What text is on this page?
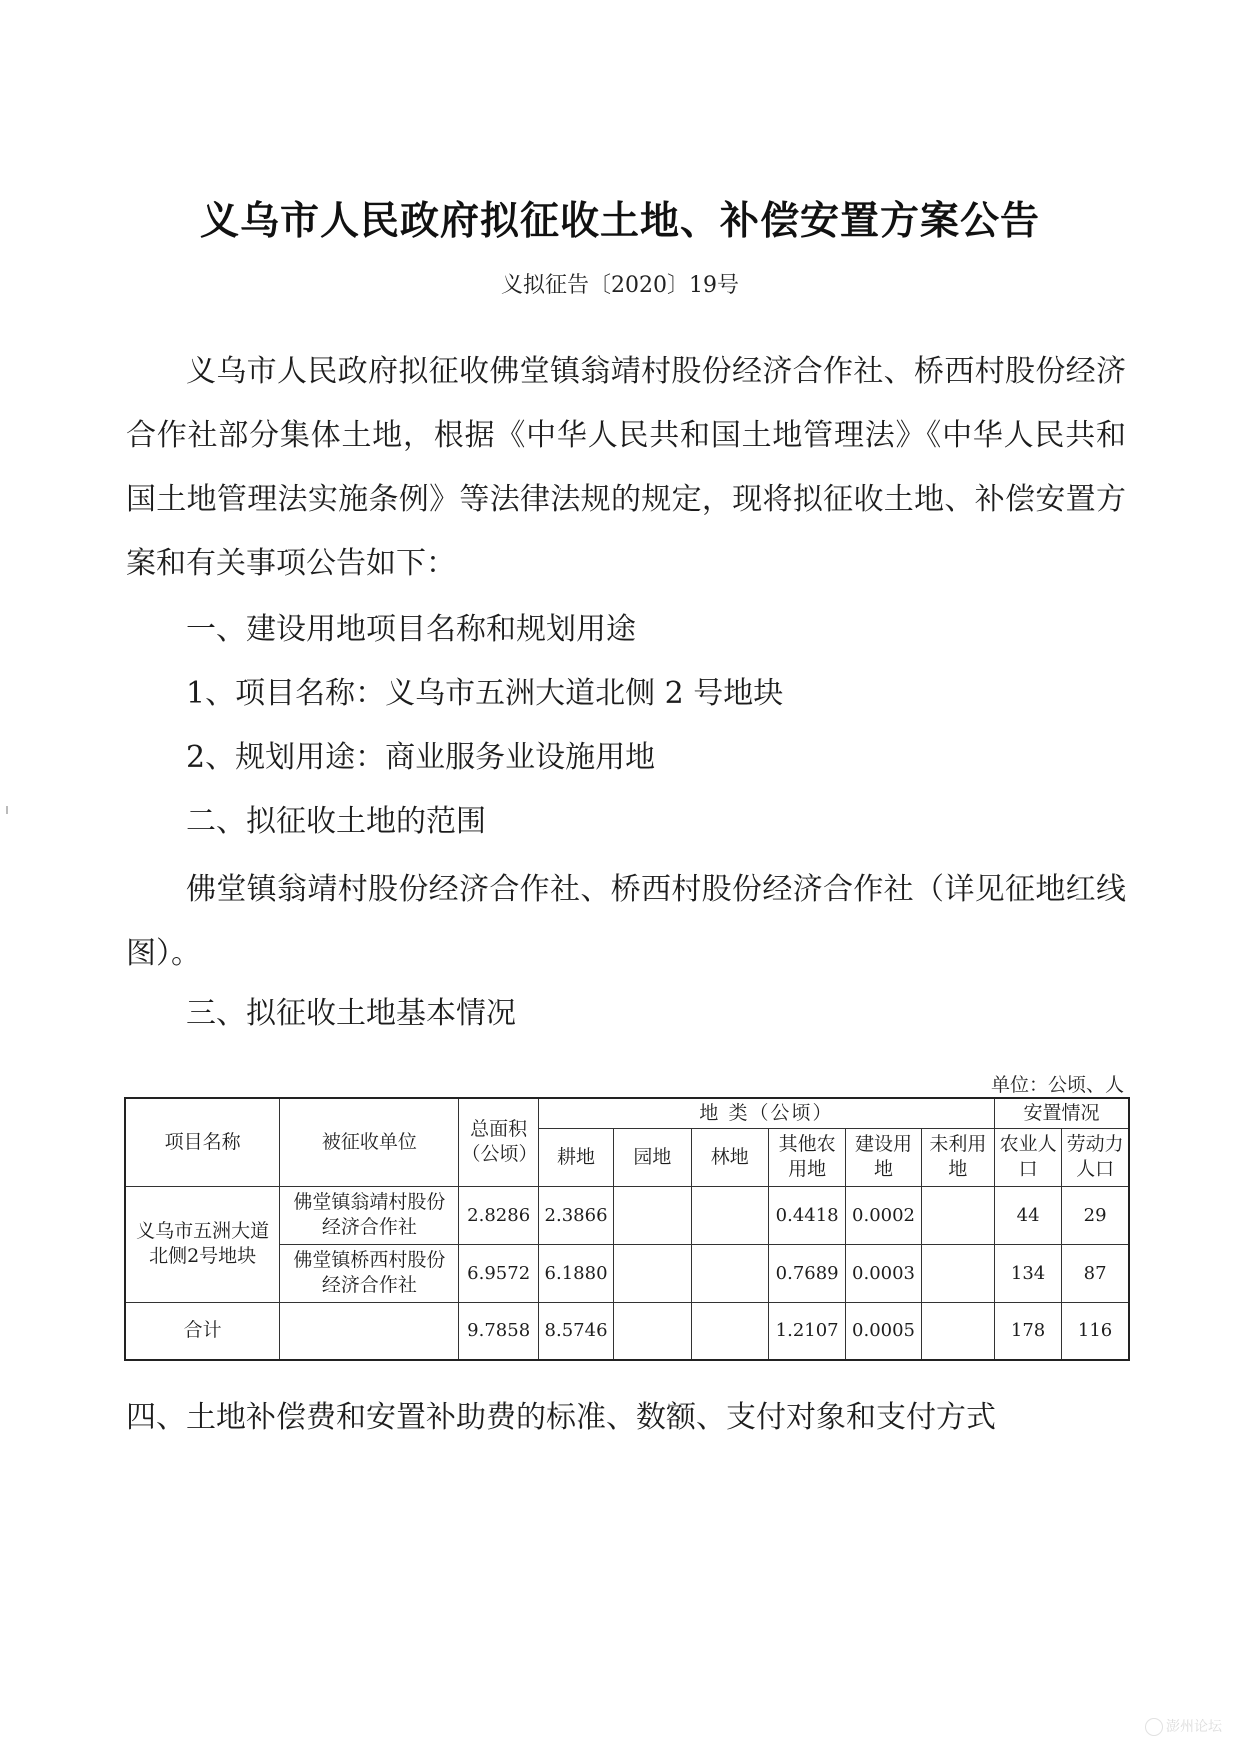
义乌市人民政府拟征收土地、补偿安置方案公告
义拟征告〔2020〕19号

义乌市人民政府拟征收佛堂镇翁靖村股份经济合作社、桥西村股份经济合作社部分集体土地，根据《中华人民共和国土地管理法》《中华人民共和国土地管理法实施条例》等法律法规的规定，现将拟征收土地、补偿安置方案和有关事项公告如下：

一、建设用地项目名称和规划用途
1、项目名称：义乌市五洲大道北侧 2 号地块
2、规划用途：商业服务业设施用地
二、拟征收土地的范围

佛堂镇翁靖村股份经济合作社、桥西村股份经济合作社（详见征地红线图）。

三、拟征收土地基本情况
单位：公顷、人
项目名称	被征收单位	总面积（公顷）	地 类（公顷）						安置情况	
			耕地	园地	林地	其他农用地	建设用地	未利用地	农业人口	劳动力人口
义乌市五洲大道北侧2号地块	佛堂镇翁靖村股份经济合作社	2.8286	2.3866			0.4418	0.0002		44	29
	佛堂镇桥西村股份经济合作社	6.9572	6.1880			0.7689	0.0003		134	87
合计		9.7858	8.5746			1.2107	0.0005		178	116
四、土地补偿费和安置补助费的标准、数额、支付对象和支付方式
澎州论坛
